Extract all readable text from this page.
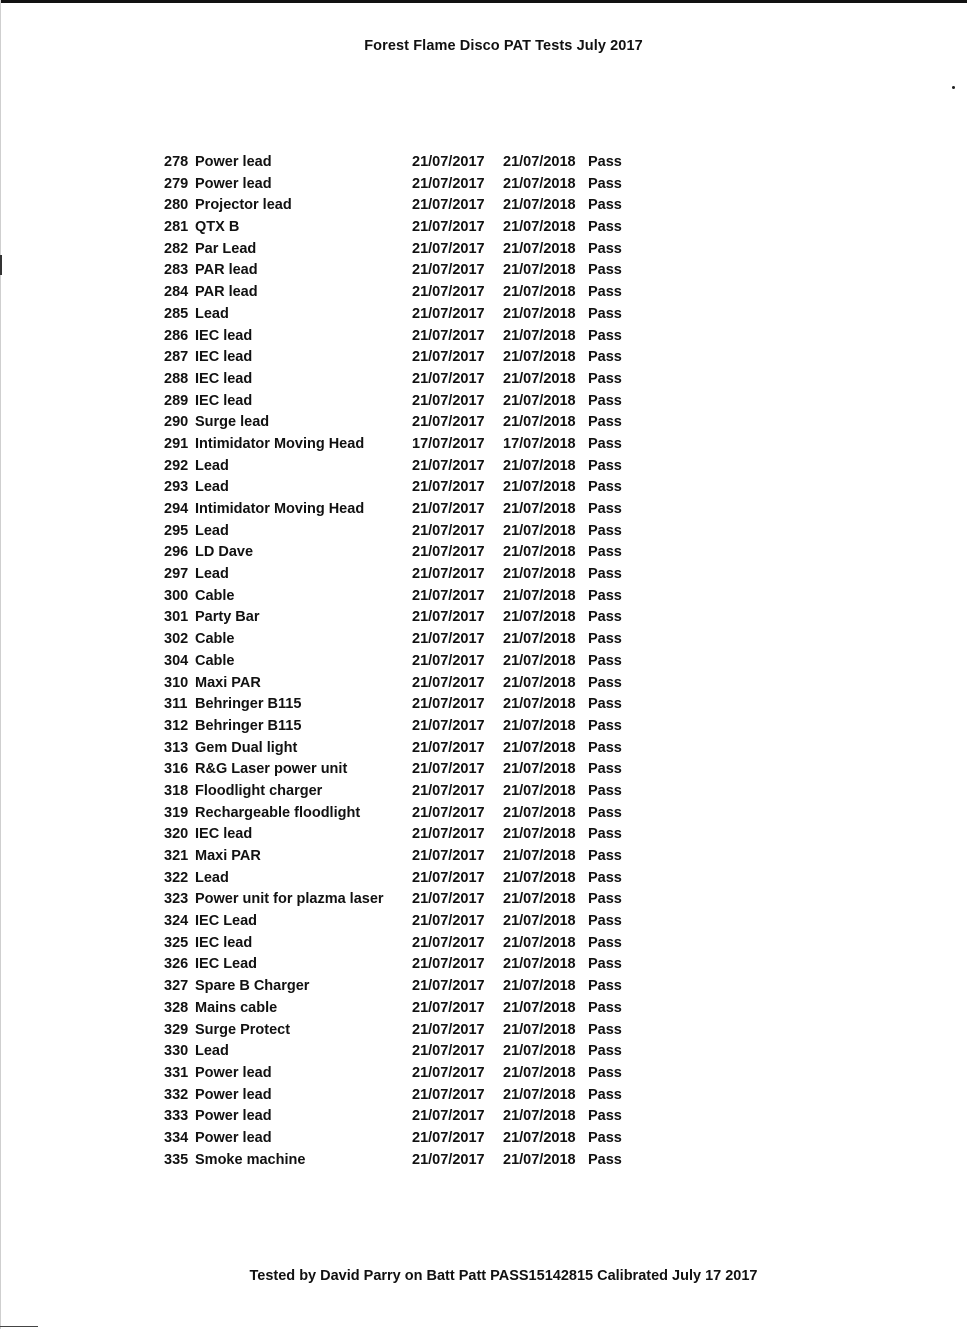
Forest Flame Disco PAT Tests July 2017
278 Power lead	21/07/2017	21/07/2018 Pass
279 Power lead	21/07/2017	21/07/2018 Pass
280 Projector lead	21/07/2017	21/07/2018 Pass
281 QTX B	21/07/2017	21/07/2018 Pass
282 Par Lead	21/07/2017	21/07/2018 Pass
283 PAR lead	21/07/2017	21/07/2018 Pass
284 PAR lead	21/07/2017	21/07/2018 Pass
285 Lead	21/07/2017	21/07/2018 Pass
286 IEC lead	21/07/2017	21/07/2018 Pass
287 IEC lead	21/07/2017	21/07/2018 Pass
288 IEC lead	21/07/2017	21/07/2018 Pass
289 IEC lead	21/07/2017	21/07/2018 Pass
290 Surge lead	21/07/2017	21/07/2018 Pass
291 Intimidator Moving Head	17/07/2017	17/07/2018 Pass
292 Lead	21/07/2017	21/07/2018 Pass
293 Lead	21/07/2017	21/07/2018 Pass
294 Intimidator Moving Head	21/07/2017	21/07/2018 Pass
295 Lead	21/07/2017	21/07/2018 Pass
296 LD Dave	21/07/2017	21/07/2018 Pass
297 Lead	21/07/2017	21/07/2018 Pass
300 Cable	21/07/2017	21/07/2018 Pass
301 Party Bar	21/07/2017	21/07/2018 Pass
302 Cable	21/07/2017	21/07/2018 Pass
304 Cable	21/07/2017	21/07/2018 Pass
310 Maxi PAR	21/07/2017	21/07/2018 Pass
311 Behringer B115	21/07/2017	21/07/2018 Pass
312 Behringer B115	21/07/2017	21/07/2018 Pass
313 Gem Dual light	21/07/2017	21/07/2018 Pass
316 R&G Laser power unit	21/07/2017	21/07/2018 Pass
318 Floodlight charger	21/07/2017	21/07/2018 Pass
319 Rechargeable floodlight	21/07/2017	21/07/2018 Pass
320 IEC lead	21/07/2017	21/07/2018 Pass
321 Maxi PAR	21/07/2017	21/07/2018 Pass
322 Lead	21/07/2017	21/07/2018 Pass
323 Power unit for plazma laser	21/07/2017	21/07/2018 Pass
324 IEC Lead	21/07/2017	21/07/2018 Pass
325 IEC lead	21/07/2017	21/07/2018 Pass
326 IEC Lead	21/07/2017	21/07/2018 Pass
327 Spare B Charger	21/07/2017	21/07/2018 Pass
328 Mains cable	21/07/2017	21/07/2018 Pass
329 Surge Protect	21/07/2017	21/07/2018 Pass
330 Lead	21/07/2017	21/07/2018 Pass
331 Power lead	21/07/2017	21/07/2018 Pass
332 Power lead	21/07/2017	21/07/2018 Pass
333 Power lead	21/07/2017	21/07/2018 Pass
334 Power lead	21/07/2017	21/07/2018 Pass
335 Smoke machine	21/07/2017	21/07/2018 Pass
Tested by David Parry on Batt Patt PASS15142815 Calibrated July 17 2017
